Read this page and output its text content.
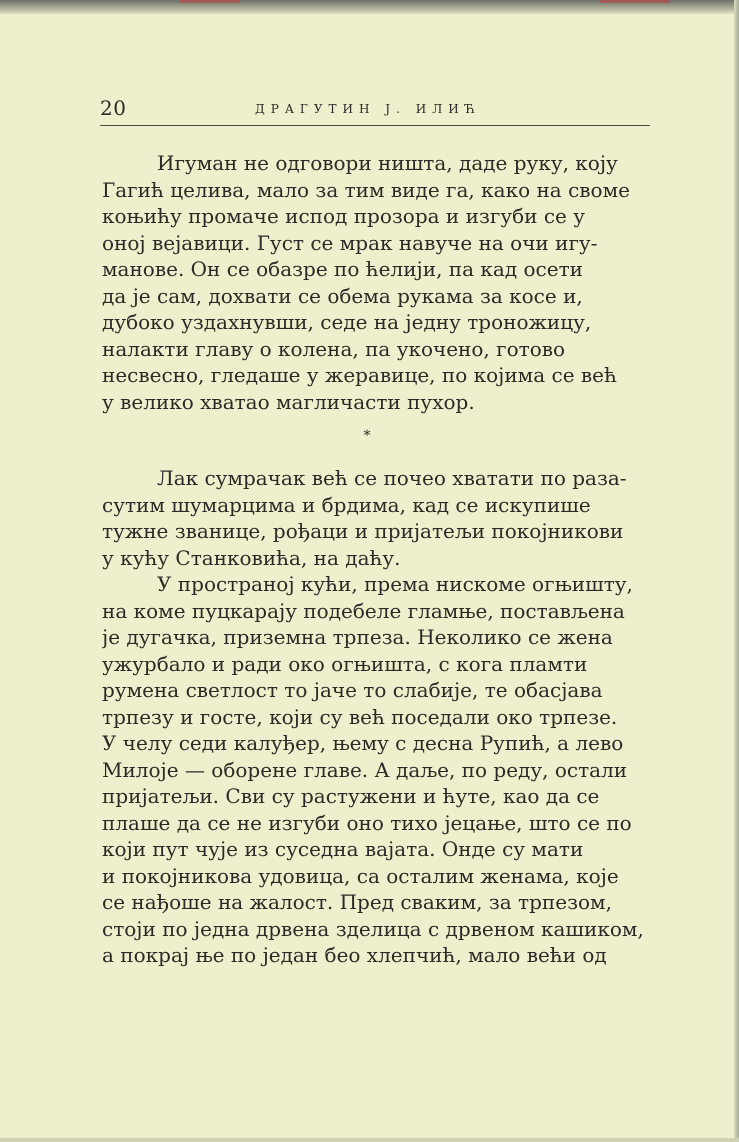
20	ДРАГУТИН Ј. ИЛИЋ
Игуман не одговори ништа, даде руку, коју
Гагић целива, мало за тим виде га, како на своме
коњићу промаче испод прозора и изгуби се у
оној вејавици. Густ се мрак навуче на очи игу-
манове. Он се обазре по ћелији, па кад осети
да је сам, дохвати се обема рукама за косе и,
дубоко уздахнувши, седе на једну троножицу,
налакти главу о колена, па укочено, готово
несвесно, гледаше у жеравице, по којима се већ
у велико хватао магличасти пухор.
*
Лак сумрачак већ се почео хватати по раза-
сутим шумарцима и брдима, кад се искупише
тужне званице, рођаци и пријатељи покојникови
у кућу Станковића, на даћу.
У пространој кући, према нискоме огњишту,
на коме пуцкарају подебеле гламње, постављена
је дугачка, приземна трпеза. Неколико се жена
ужурбало и ради око огњишта, с кога пламти
румена светлост то јаче то слабије, те обасјава
трпезу и госте, који су већ поседали око трпезе.
У челу седи калуђер, њему с десна Рупић, а лево
Милоје — оборене главе. А даље, по реду, остали
пријатељи. Сви су растужени и ћуте, као да се
плаше да се не изгуби оно тихо јецање, што се по
који пут чује из суседна вајата. Онде су мати
и покојникова удовица, са осталим женама, које
се нађоше на жалост. Пред сваким, за трпезом,
стоји по једна дрвена зделица с дрвеном кашиком,
а покрај ње по један беo хлепчић, мало већи од
